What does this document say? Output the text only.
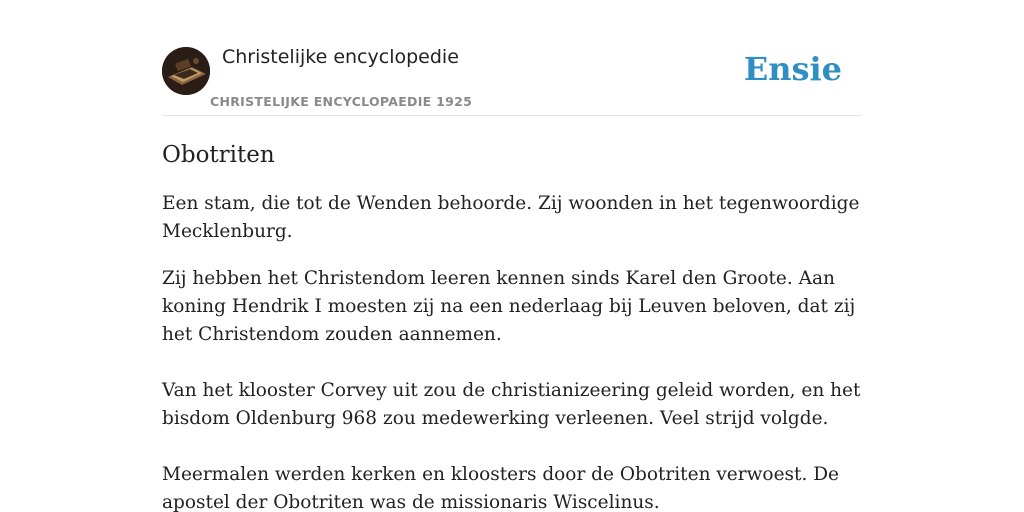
Christelijke encyclopedie
CHRISTELIJKE ENCYCLOPAEDIE 1925
Ensie
Obotriten

Een stam, die tot de Wenden behoorde. Zij woonden in het tegenwoordige Mecklenburg.

Zij hebben het Christendom leeren kennen sinds Karel den Groote. Aan koning Hendrik I moesten zij na een nederlaag bij Leuven beloven, dat zij het Christendom zouden aannemen.

Van het klooster Corvey uit zou de christianizeering geleid worden, en het bisdom Oldenburg 968 zou medewerking verleenen. Veel strijd volgde.

Meermalen werden kerken en kloosters door de Obotriten verwoest. De apostel der Obotriten was de missionaris Wiscelinus.
